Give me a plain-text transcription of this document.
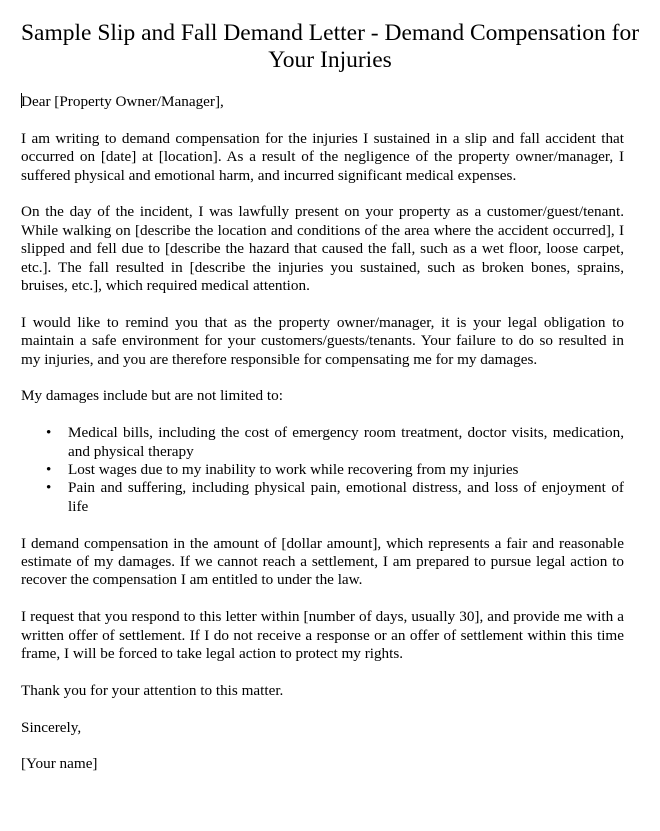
Sample Slip and Fall Demand Letter - Demand Compensation for Your Injuries

Dear [Property Owner/Manager],

I am writing to demand compensation for the injuries I sustained in a slip and fall accident that occurred on [date] at [location]. As a result of the negligence of the property owner/manager, I suffered physical and emotional harm, and incurred significant medical expenses.

On the day of the incident, I was lawfully present on your property as a customer/guest/tenant. While walking on [describe the location and conditions of the area where the accident occurred], I slipped and fell due to [describe the hazard that caused the fall, such as a wet floor, loose carpet, etc.]. The fall resulted in [describe the injuries you sustained, such as broken bones, sprains, bruises, etc.], which required medical attention.

I would like to remind you that as the property owner/manager, it is your legal obligation to maintain a safe environment for your customers/guests/tenants. Your failure to do so resulted in my injuries, and you are therefore responsible for compensating me for my damages.

My damages include but are not limited to:

• Medical bills, including the cost of emergency room treatment, doctor visits, medication, and physical therapy
• Lost wages due to my inability to work while recovering from my injuries
• Pain and suffering, including physical pain, emotional distress, and loss of enjoyment of life

I demand compensation in the amount of [dollar amount], which represents a fair and reasonable estimate of my damages. If we cannot reach a settlement, I am prepared to pursue legal action to recover the compensation I am entitled to under the law.

I request that you respond to this letter within [number of days, usually 30], and provide me with a written offer of settlement. If I do not receive a response or an offer of settlement within this time frame, I will be forced to take legal action to protect my rights.

Thank you for your attention to this matter.

Sincerely,

[Your name]
